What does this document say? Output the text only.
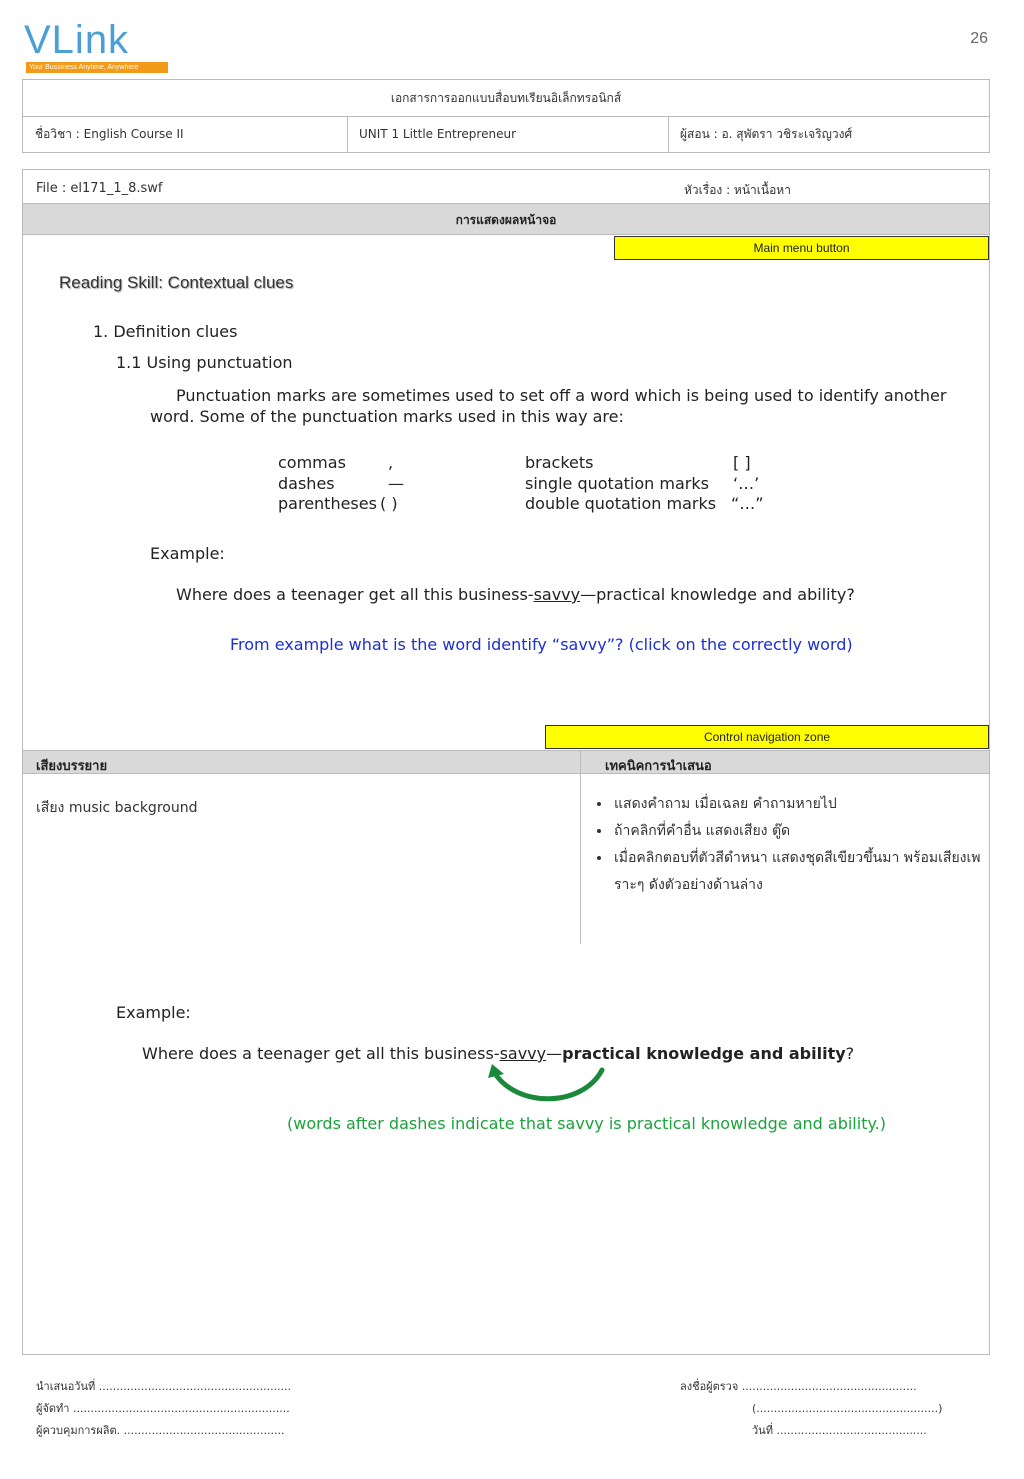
VLink
Your Bussiness Anytime, Anywhere
26
เอกสารการออกแบบสื่อบทเรียนอิเล็กทรอนิกส์
ชื่อวิชา : English Course II	UNIT 1 Little Entrepreneur	ผู้สอน : อ. สุพัตรา วชิระเจริญวงศ์
File : el171_1_8.swf	หัวเรื่อง : หน้าเนื้อหา
การแสดงผลหน้าจอ
Main menu button
Reading Skill: Contextual clues
1. Definition clues
1.1 Using punctuation
Punctuation marks are sometimes used to set off a word which is being used to identify another
word. Some of the punctuation marks used in this way are:
commas
dashes
parentheses
,
—
( )
brackets
single quotation marks
double quotation marks
[ ]
‘…’
“…”
Example:
Where does a teenager get all this business-savvy—practical knowledge and ability?
From example what is the word identify “savvy”? (click on the correctly word)
Control navigation zone
เสียงบรรยาย	เทคนิคการนำเสนอ
เสียง music background
•	แสดงคำถาม เมื่อเฉลย คำถามหายไป
• ถ้าคลิกที่คำอื่น แสดงเสียง ตู๊ด
• เมื่อคลิกตอบที่ตัวสีดำหนา แสดงชุดสีเขียวขึ้นมา พร้อมเสียงเพราะๆ ดังตัวอย่างด้านล่าง
Example:
Where does a teenager get all this business-savvy—practical knowledge and ability?
(words after dashes indicate that savvy is practical knowledge and ability.)
นำเสนอวันที่ .......................................................
ผู้จัดทำ ..............................................................
ผู้ควบคุมการผลิต. ..............................................
ลงชื่อผู้ตรวจ ..................................................
(....................................................)
วันที่ ...........................................
